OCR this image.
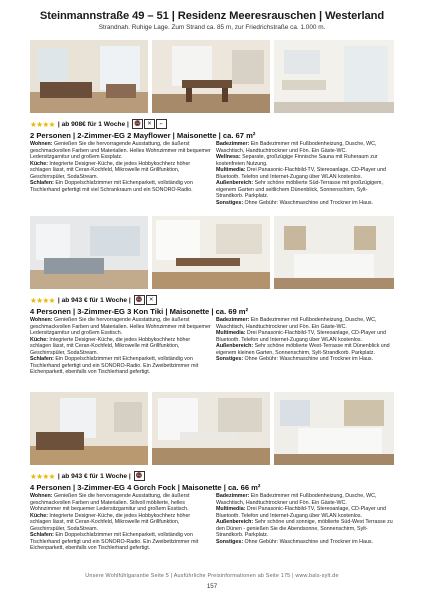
Steinmannstraße 49 – 51 | Residenz Meeresrauschen | Westerland
Strandnah. Ruhige Lage. Zum Strand ca. 85 m, zur Friedrichstraße ca. 1.000 m.
★★★★ | ab 908€ für 1 Woche | 🚭	✕	⌐
2 Personen | 2-Zimmer-EG 2 Mayflower | Maisonette | ca. 67 m²

Wohnen: Genießen Sie die hervorragende Ausstattung, die äußerst geschmackvollen Farben und Materialien. Helles Wohnzimmer mit bequemer Ledersitzgarnitur und großem Essplatz.

Küche: Integrierte Designer-Küche, die jedes Hobbykochherz höher schlagen lässt, mit Ceran-Kochfeld, Mikrowelle mit Grillfunktion, Geschirrspüler, SodaStream.

Schlafen: Ein Doppelschlafzimmer mit Eichenparkett, vollständig von Tischlerhand gefertigt mit viel Schrankraum und ein SONORO-Radio.

Badezimmer: Ein Badezimmer mit Fußbodenheizung, Dusche, WC, Waschtisch, Handtuchtrockner und Fön. Ein Gäste-WC.

Wellness: Separate, großzügige Finnische Sauna mit Ruheraum zur kostenfreien Nutzung.

Multimedia: Drei Panasonic-Flachbild-TV, Stereoanlage, CD-Player und Bluetooth. Telefon und Internet-Zugang über WLAN kostenlos.

Außenbereich: Sehr schöne möblierte Süd-Terrasse mit großzügigem, eigenem Garten und seitlichem Dünenblick, Sonnenschirm, Sylt-Strandkorb. Parkplatz.

Sonstiges: Ohne Gebühr: Waschmaschine und Trockner im Haus.

★★★★ | ab 943 € für 1 Woche | 🚭	✕
4 Personen | 3-Zimmer-EG 3 Kon Tiki | Maisonette | ca. 69 m²

Wohnen: Genießen Sie die hervorragende Ausstattung, die äußerst geschmackvollen Farben und Materialien. Helles Wohnzimmer mit bequemer Ledersitzgarnitur und großem Esstisch.

Küche: Integrierte Designer-Küche, die jedes Hobbykochherz höher schlagen lässt, mit Ceran-Kochfeld, Mikrowelle mit Grillfunktion, Geschirrspüler, SodaStream.

Schlafen: Ein Doppelschlafzimmer mit Eichenparkett, vollständig von Tischlerhand gefertigt und ein SONORO-Radio. Ein Zweibettzimmer mit Eichenparkett, ebenfalls von Tischlerhand gefertigt.

Badezimmer: Ein Badezimmer mit Fußbodenheizung, Dusche, WC, Waschtisch, Handtuchtrockner und Fön. Ein Gäste-WC.

Multimedia: Drei Panasonic-Flachbild-TV, Stereoanlage, CD-Player und Bluetooth. Telefon und Internet-Zugang über WLAN kostenlos.

Außenbereich: Sehr schöne möblierte West-Terrasse mit Dünenblick und eigenem kleinen Garten, Sonnenschirm, Sylt-Strandkorb. Parkplatz.

Sonstiges: Ohne Gebühr: Waschmaschine und Trockner im Haus.

★★★★ | ab 943 € für 1 Woche | 🚭
4 Personen | 3-Zimmer-EG 4 Gorch Fock | Maisonette | ca. 66 m²

Wohnen: Genießen Sie die hervorragende Ausstattung, die äußerst geschmackvollen Farben und Materialien. Stilvoll möblierte, helles Wohnzimmer mit bequemer Ledersitzgarnitur und großem Esstisch.

Küche: Integrierte Designer-Küche, die jedes Hobbykochherz höher schlagen lässt, mit Ceran-Kochfeld, Mikrowelle mit Grillfunktion, Geschirrspüler, SodaStream.

Schlafen: Ein Doppelschlafzimmer mit Eichenparkett, vollständig von Tischlerhand gefertigt und ein SONORO-Radio. Ein Zweibettzimmer mit Eichenparkett, ebenfalls von Tischlerhand gefertigt.

Badezimmer: Ein Badezimmer mit Fußbodenheizung, Dusche, WC, Waschtisch, Handtuchtrockner und Fön. Ein Gäste-WC.

Multimedia: Drei Panasonic-Flachbild-TV, Stereoanlage, CD-Player und Bluetooth. Telefon und Internet-Zugang über WLAN kostenlos.

Außenbereich: Sehr schöne und sonnige, möblierte Süd-West Terrasse zu den Dünen - genießen Sie die Abendsonne, Sonnenschirm, Sylt-Strandkorb. Parkplatz.

Sonstiges: Ohne Gebühr: Waschmaschine und Trockner im Haus.

Unsere Wohlfühlgarantie Seite 5 | Ausführliche Preisinformationen ab Seite 175 | www.bals-sylt.de
157
